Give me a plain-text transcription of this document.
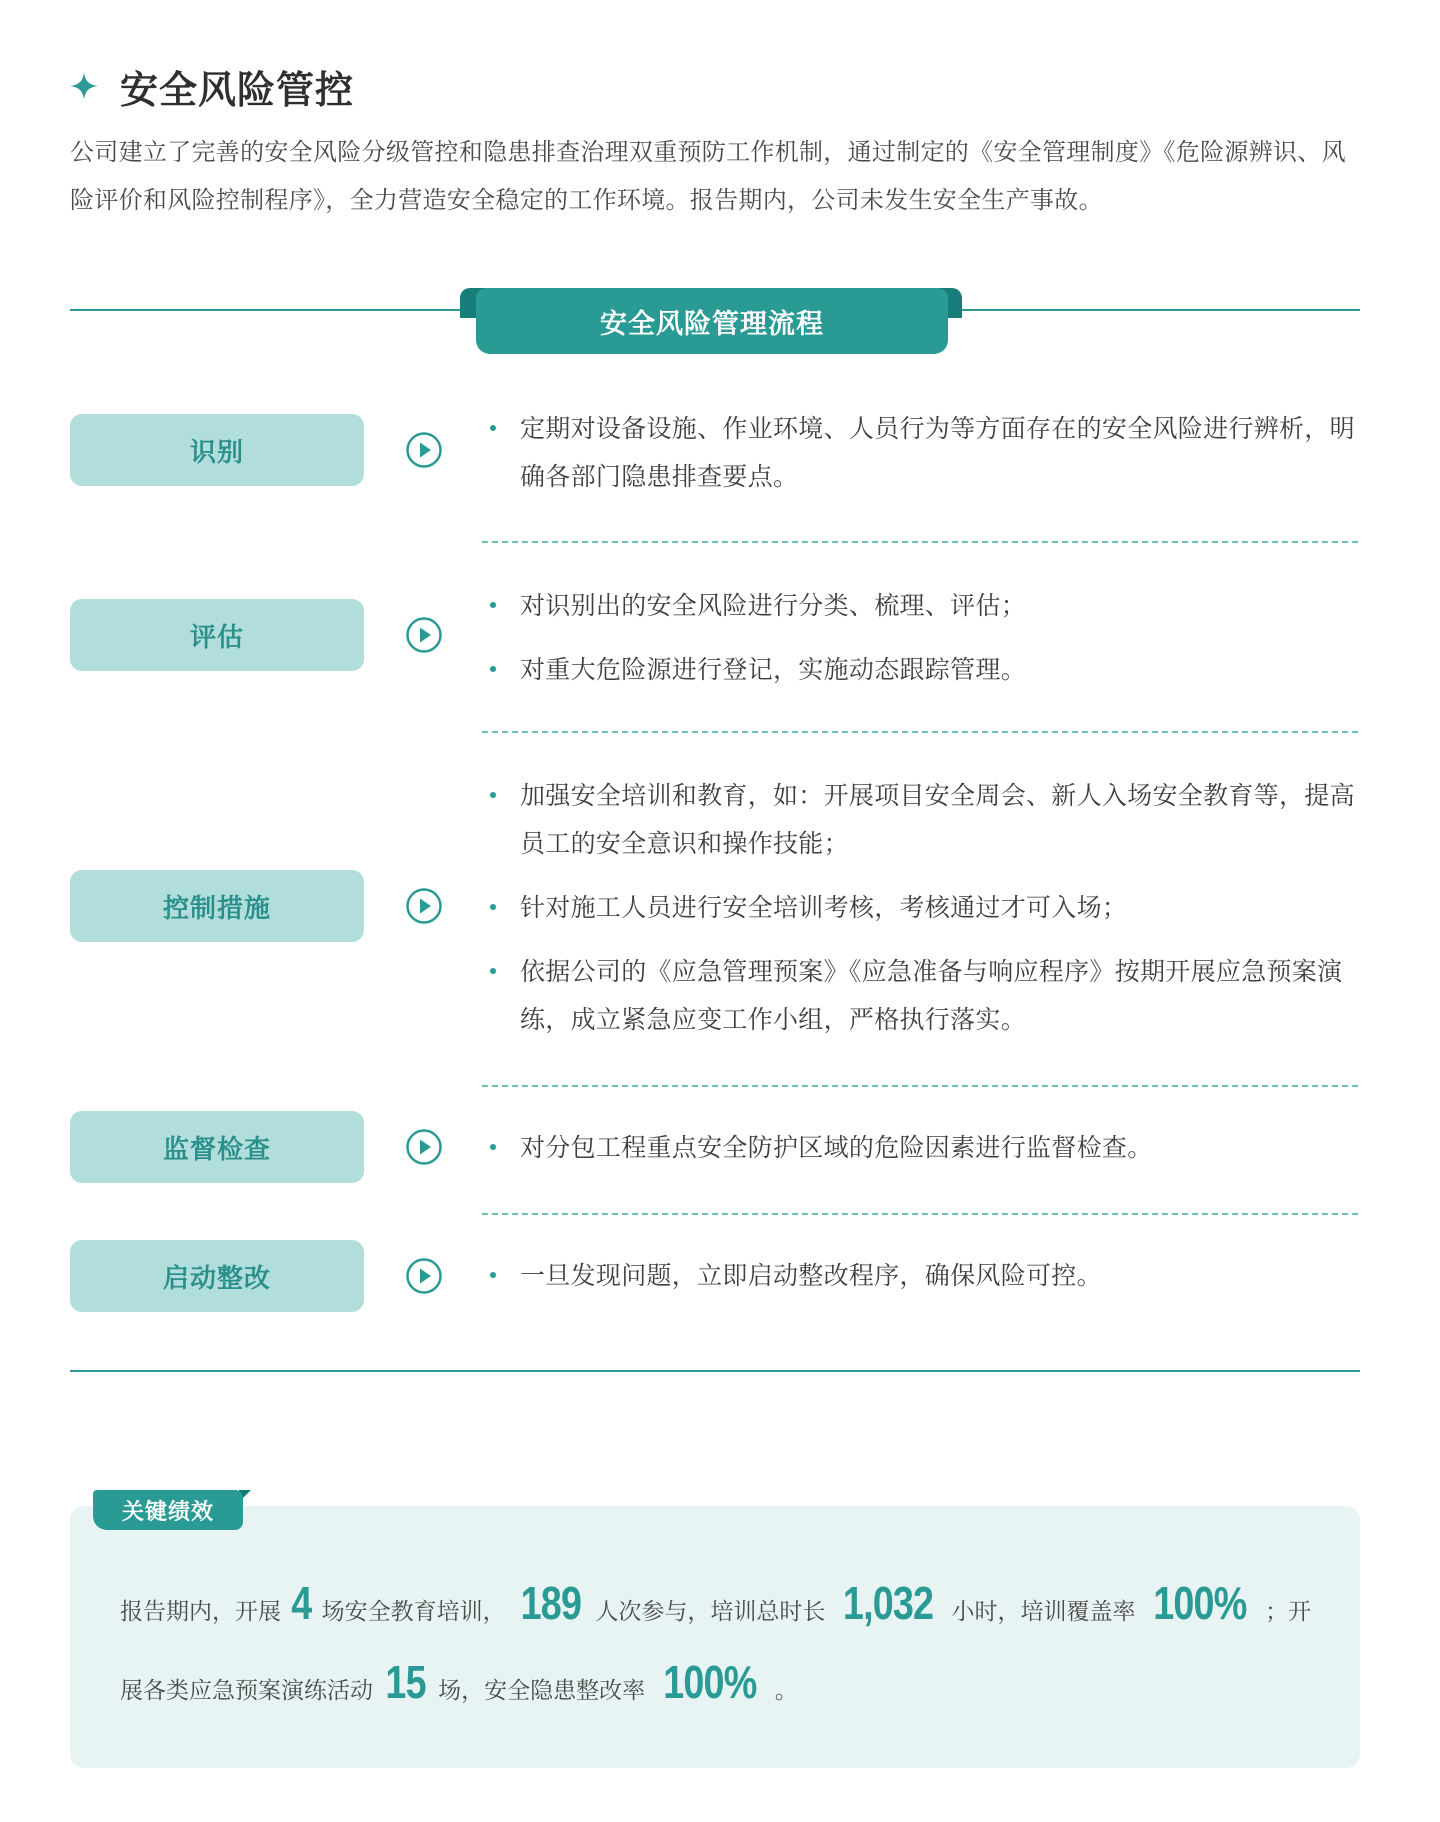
安全风险管控

公司建立了完善的安全风险分级管控和隐患排查治理双重预防工作机制，通过制定的《安全管理制度》《危险源辨识、风险评价和风险控制程序》，全力营造安全稳定的工作环境。报告期内，公司未发生安全生产事故。

安全风险管理流程
识别
定期对设备设施、作业环境、人员行为等方面存在的安全风险进行辨析，明确各部门隐患排查要点。
评估
对识别出的安全风险进行分类、梳理、评估；
对重大危险源进行登记，实施动态跟踪管理。
控制措施
加强安全培训和教育，如：开展项目安全周会、新人入场安全教育等，提高员工的安全意识和操作技能；
针对施工人员进行安全培训考核，考核通过才可入场；
依据公司的《应急管理预案》《应急准备与响应程序》按期开展应急预案演练，成立紧急应变工作小组，严格执行落实。
监督检查	对分包工程重点安全防护区域的危险因素进行监督检查。
启动整改	一旦发现问题，立即启动整改程序，确保风险可控。
关键绩效

报告期内，开展 4 场安全教育培训， 189 人次参与，培训总时长 1,032 小时，培训覆盖率 100% ；开展各类应急预案演练活动 15 场，安全隐患整改率 100% 。
